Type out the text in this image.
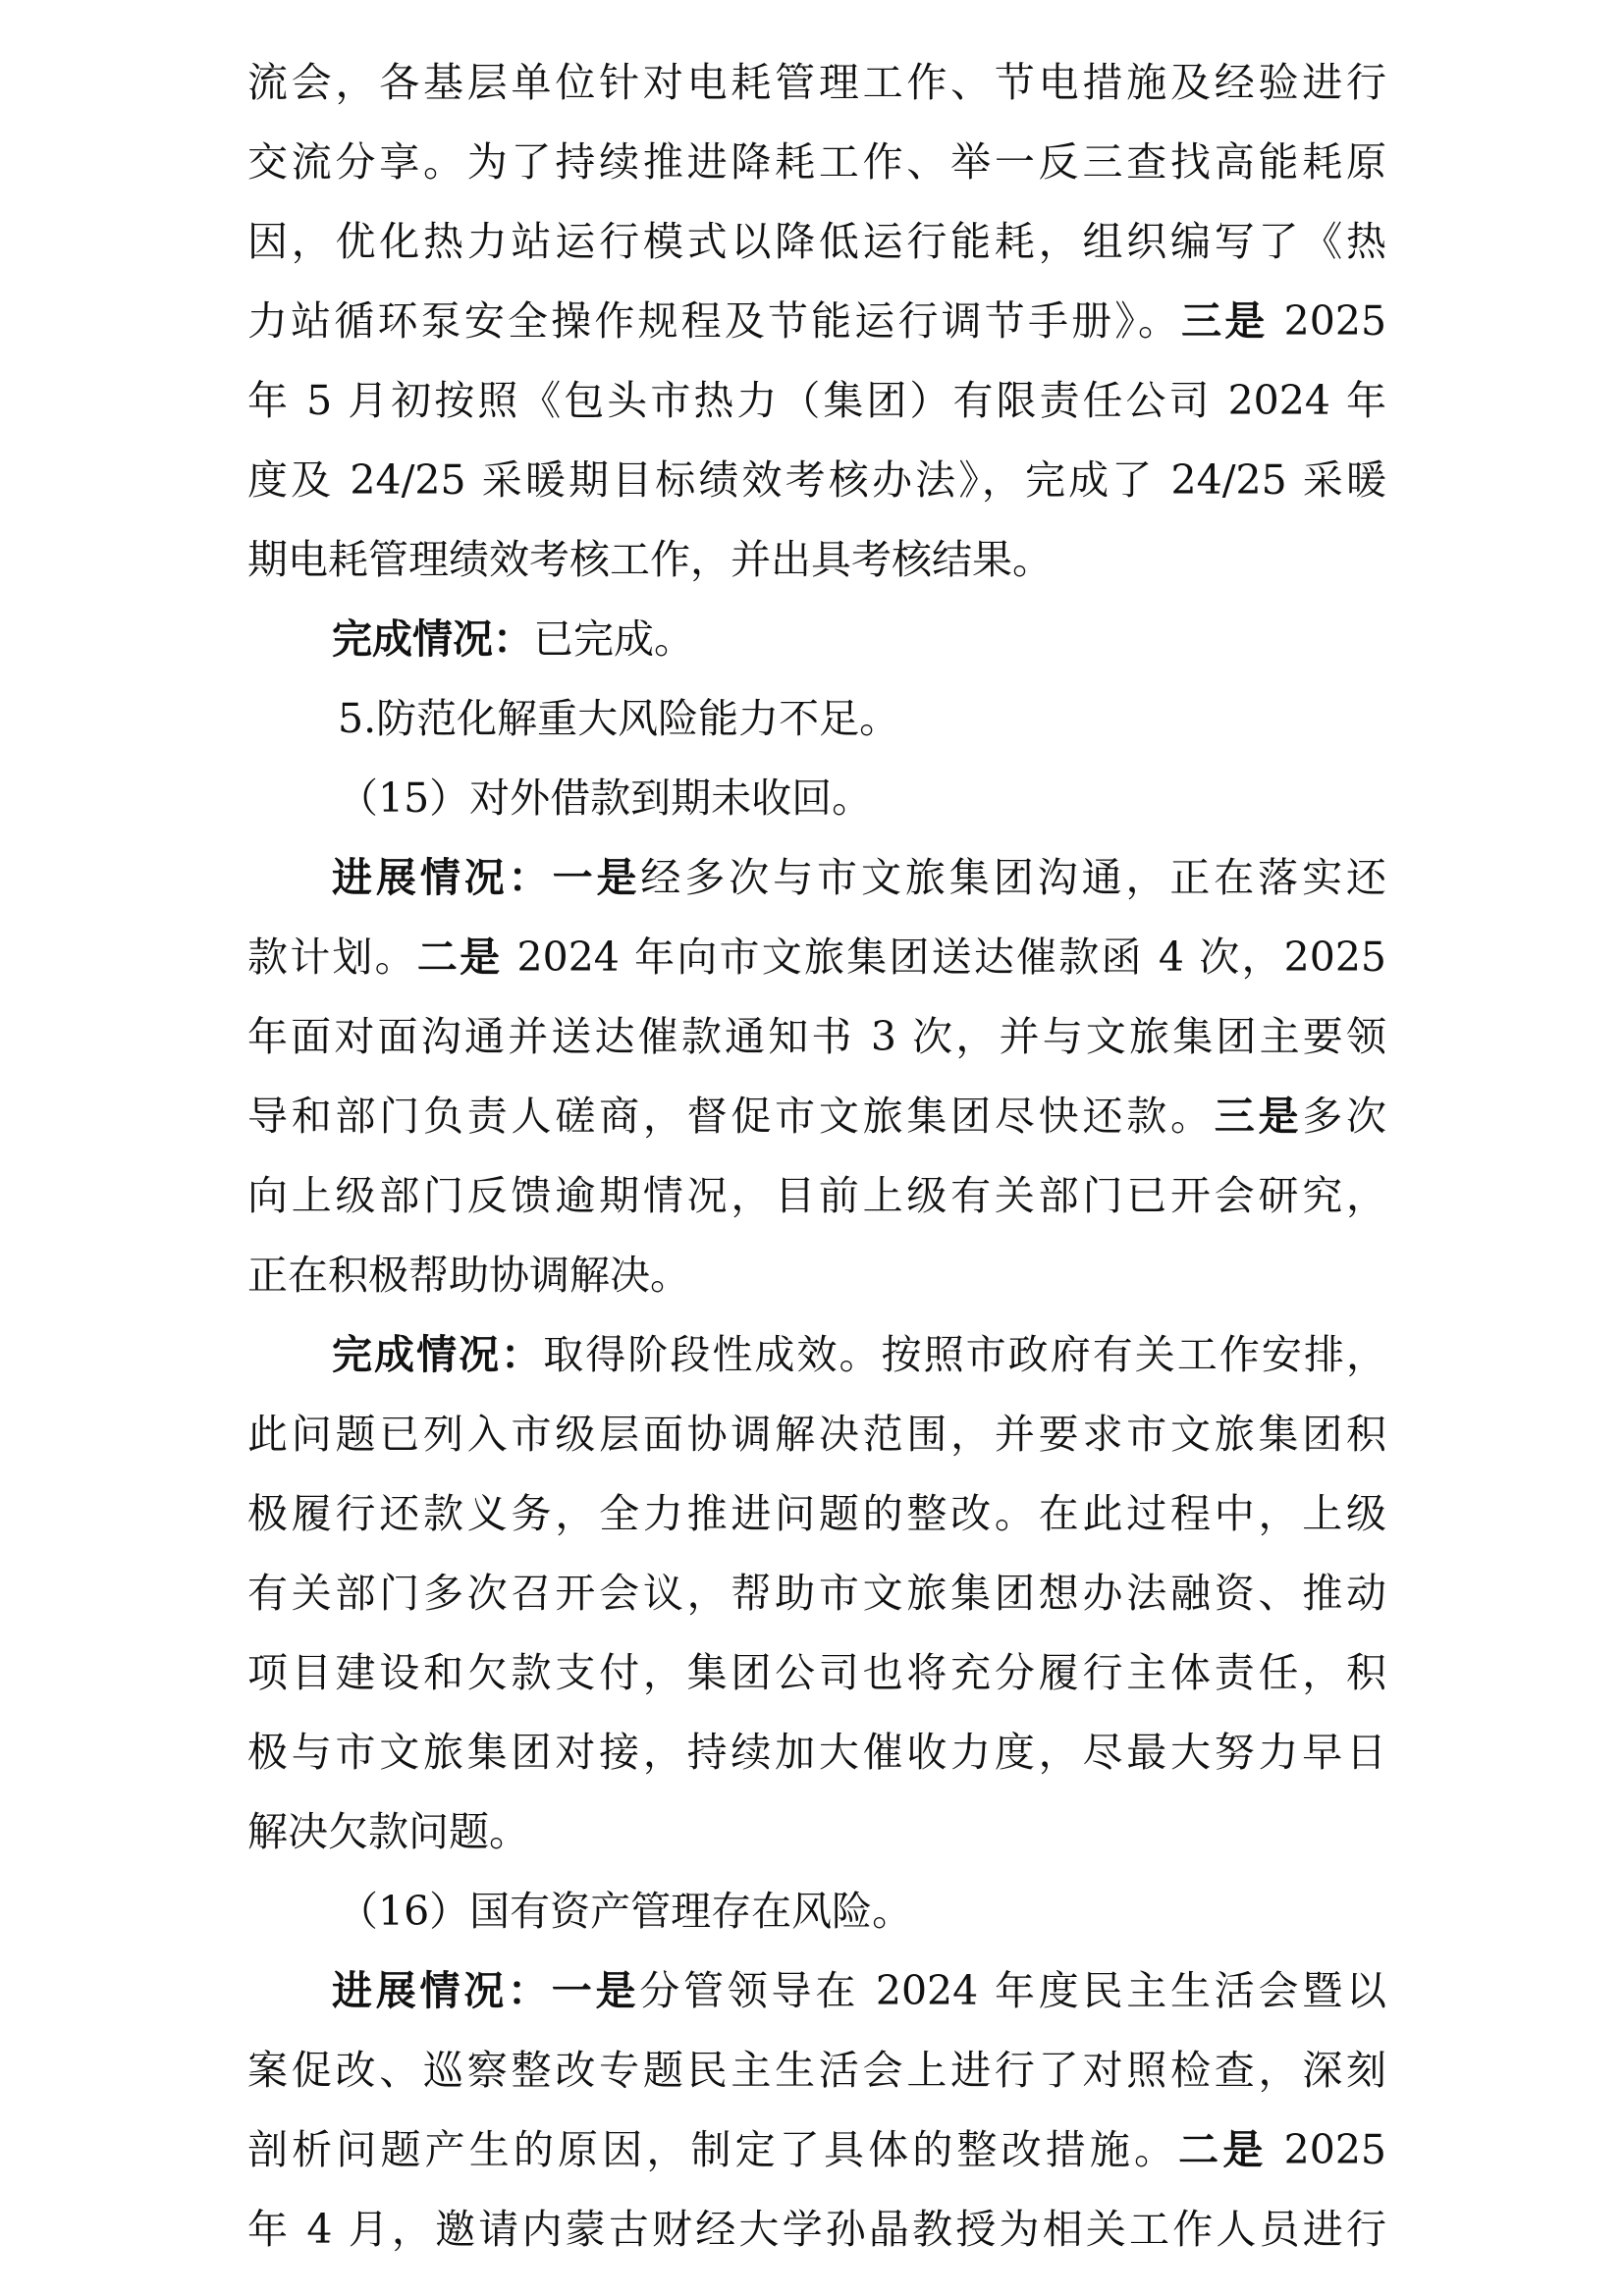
流会，各基层单位针对电耗管理工作、节电措施及经验进行
交流分享。为了持续推进降耗工作、举一反三查找高能耗原
因，优化热力站运行模式以降低运行能耗，组织编写了《热
力站循环泵安全操作规程及节能运行调节手册》。三是 2025
年 5 月初按照《包头市热力（集团）有限责任公司 2024 年
度及 24/25 采暖期目标绩效考核办法》，完成了 24/25 采暖
期电耗管理绩效考核工作，并出具考核结果。
完成情况：已完成。
5.防范化解重大风险能力不足。
（15）对外借款到期未收回。
进展情况：一是经多次与市文旅集团沟通，正在落实还
款计划。二是 2024 年向市文旅集团送达催款函 4 次，2025
年面对面沟通并送达催款通知书 3 次，并与文旅集团主要领
导和部门负责人磋商，督促市文旅集团尽快还款。三是多次
向上级部门反馈逾期情况，目前上级有关部门已开会研究，
正在积极帮助协调解决。
完成情况：取得阶段性成效。按照市政府有关工作安排，
此问题已列入市级层面协调解决范围，并要求市文旅集团积
极履行还款义务，全力推进问题的整改。在此过程中，上级
有关部门多次召开会议，帮助市文旅集团想办法融资、推动
项目建设和欠款支付，集团公司也将充分履行主体责任，积
极与市文旅集团对接，持续加大催收力度，尽最大努力早日
解决欠款问题。
（16）国有资产管理存在风险。
进展情况：一是分管领导在 2024 年度民主生活会暨以
案促改、巡察整改专题民主生活会上进行了对照检查，深刻
剖析问题产生的原因，制定了具体的整改措施。二是 2025
年 4 月，邀请内蒙古财经大学孙晶教授为相关工作人员进行
